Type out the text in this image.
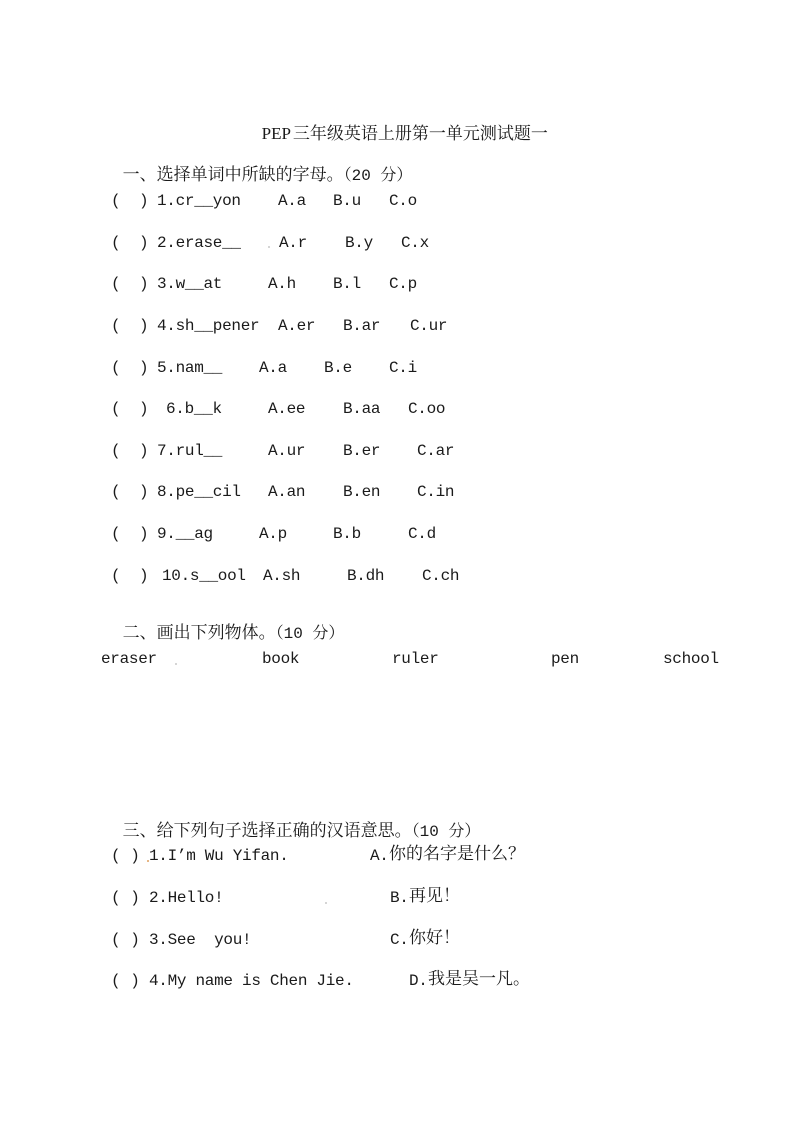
PEP 三年级英语上册第一单元测试题一

一、选择单词中所缺的字母。（20 分）

( ) 1.cr__yon A.a B.u C.o
( ) 2.erase__ A.r B.y C.x
( ) 3.w__at	A.h B.l C.p
( ) 4.sh__pener A.er B.ar C.ur
( ) 5.nam__ A.a B.e C.i
( ) 6.b__k	A.ee B.aa C.oo
( ) 7.rul__	A.ur B.er C.ar
( ) 8.pe__cil A.an B.en C.in
( ) 9.__ag	A.p	B.b	C.d
( ) 10.s__ool A.sh	B.dh C.ch

二、画出下列物体。（10 分）

eraser	book	ruler	pen	school

三、给下列句子选择正确的汉语意思。（10 分）

( ) 1.I’m Wu Yifan.	A. 你的名字是什么？
( ) 2.Hello!	B. 再见！
( ) 3.See  you!	C. 你好！
( ) 4.My name is Chen Jie.	D. 我是吴一凡。
